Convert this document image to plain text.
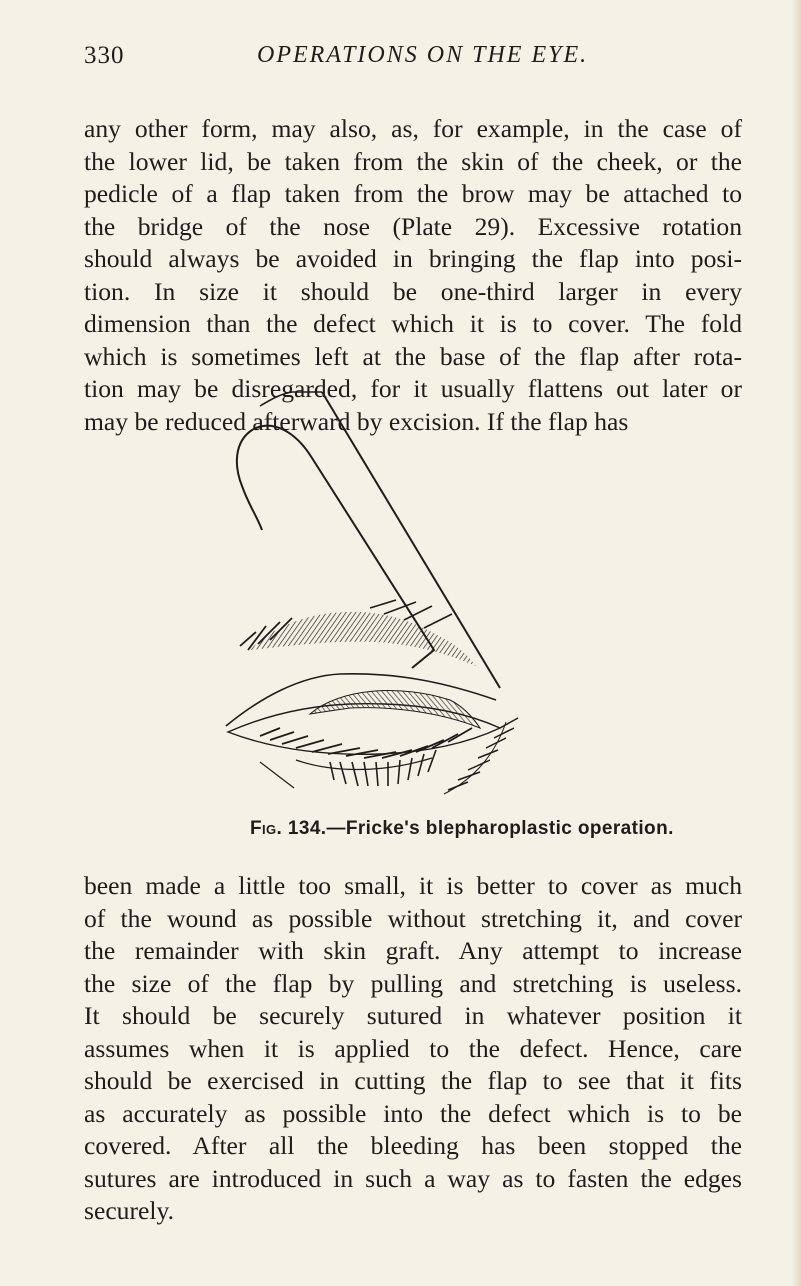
330	OPERATIONS ON THE EYE.

any other form, may also, as, for example, in the case of
the lower lid, be taken from the skin of the cheek, or the
pedicle of a flap taken from the brow may be attached to
the bridge of the nose (Plate 29). Excessive rotation
should always be avoided in bringing the flap into posi-
tion. In size it should be one-third larger in every
dimension than the defect which it is to cover. The fold
which is sometimes left at the base of the flap after rota-
tion may be disregarded, for it usually flattens out later or
may be reduced afterward by excision. If the flap has

Fig. 134.—Fricke's blepharoplastic operation.

been made a little too small, it is better to cover as much
of the wound as possible without stretching it, and cover
the remainder with skin graft. Any attempt to increase
the size of the flap by pulling and stretching is useless.
It should be securely sutured in whatever position it
assumes when it is applied to the defect. Hence, care
should be exercised in cutting the flap to see that it fits
as accurately as possible into the defect which is to be
covered. After all the bleeding has been stopped the
sutures are introduced in such a way as to fasten the edges
securely.
